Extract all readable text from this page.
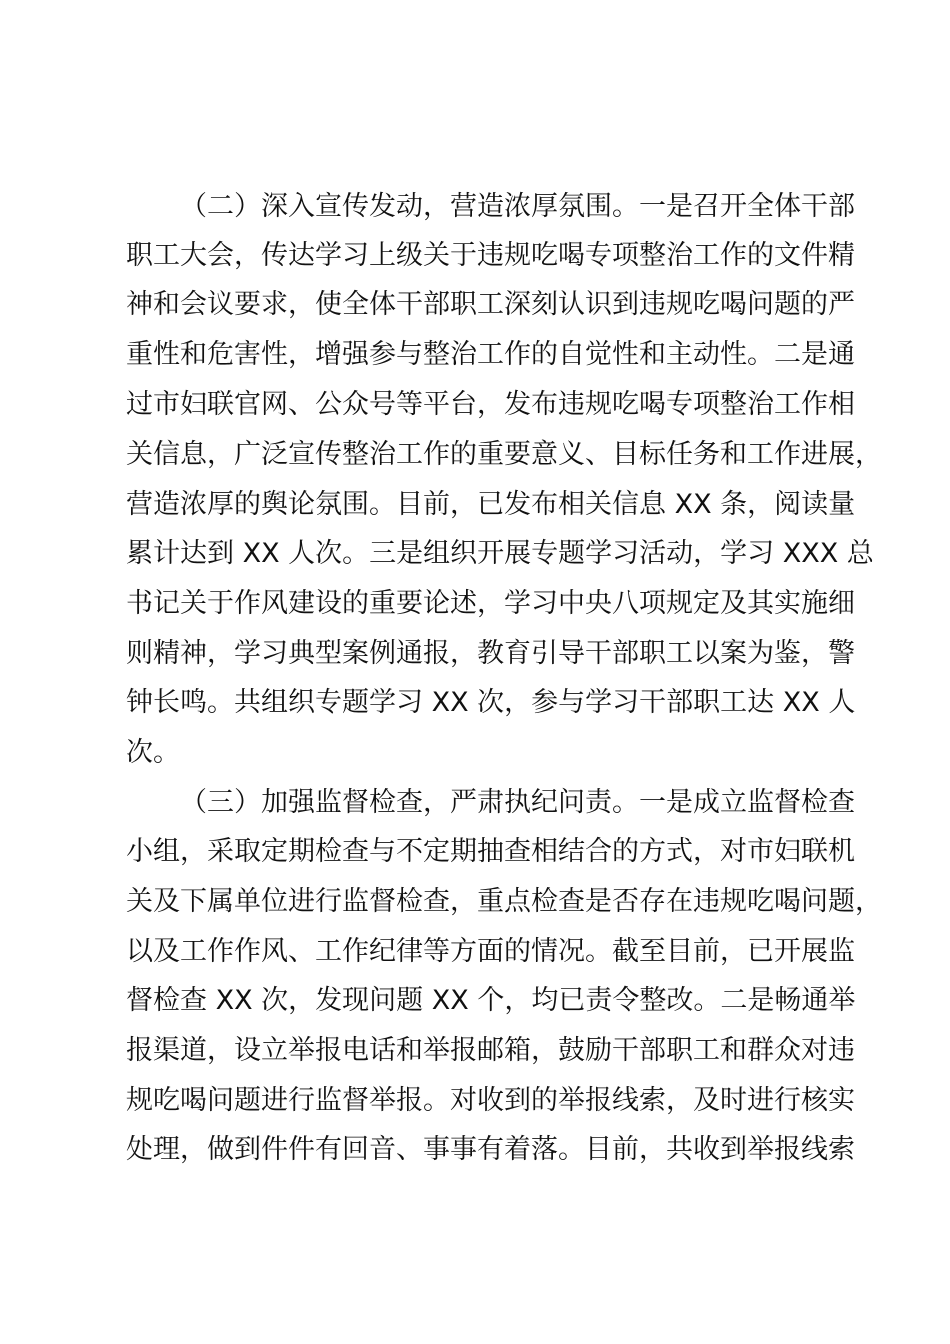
（二）深入宣传发动，营造浓厚氛围。一是召开全体干部
职工大会，传达学习上级关于违规吃喝专项整治工作的文件精
神和会议要求，使全体干部职工深刻认识到违规吃喝问题的严
重性和危害性，增强参与整治工作的自觉性和主动性。二是通
过市妇联官网、公众号等平台，发布违规吃喝专项整治工作相
关信息，广泛宣传整治工作的重要意义、目标任务和工作进展，
营造浓厚的舆论氛围。目前，已发布相关信息 XX 条，阅读量
累计达到 XX 人次。三是组织开展专题学习活动，学习 XXX 总
书记关于作风建设的重要论述，学习中央八项规定及其实施细
则精神，学习典型案例通报，教育引导干部职工以案为鉴，警
钟长鸣。共组织专题学习 XX 次，参与学习干部职工达 XX 人
次。
（三）加强监督检查，严肃执纪问责。一是成立监督检查
小组，采取定期检查与不定期抽查相结合的方式，对市妇联机
关及下属单位进行监督检查，重点检查是否存在违规吃喝问题，
以及工作作风、工作纪律等方面的情况。截至目前，已开展监
督检查 XX 次，发现问题 XX 个，均已责令整改。二是畅通举
报渠道，设立举报电话和举报邮箱，鼓励干部职工和群众对违
规吃喝问题进行监督举报。对收到的举报线索，及时进行核实
处理，做到件件有回音、事事有着落。目前，共收到举报线索
